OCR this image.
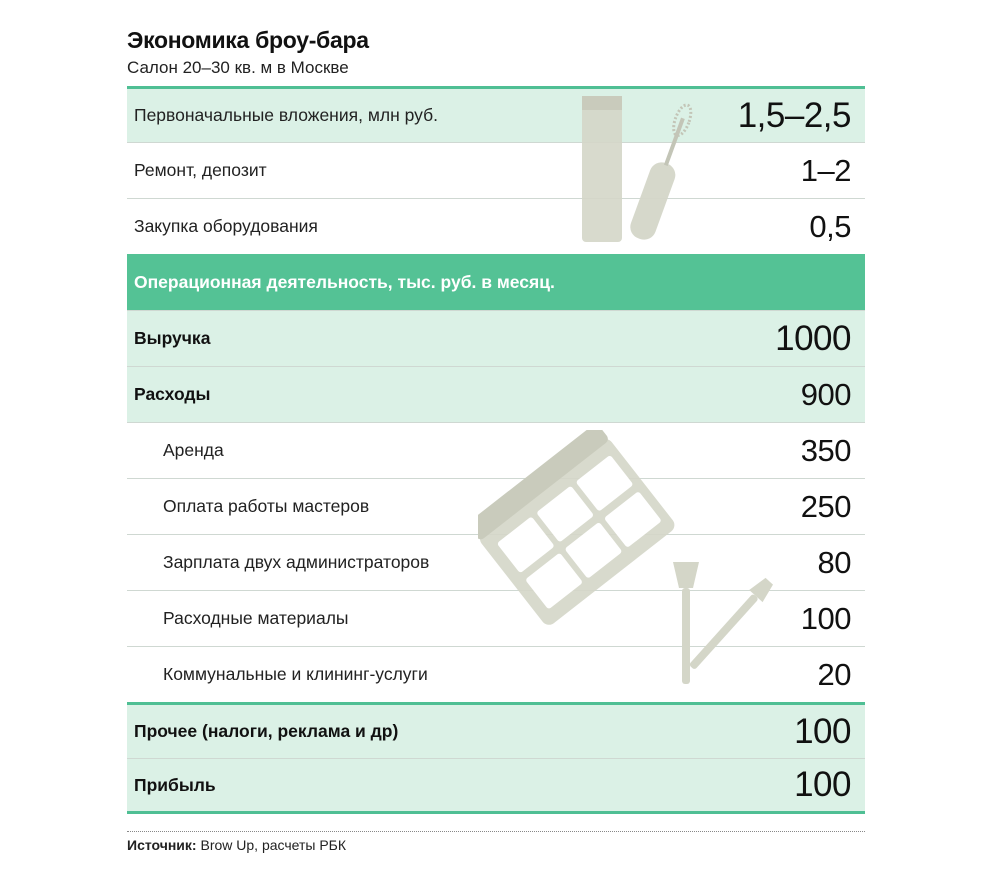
Экономика броу-бара
Салон 20–30 кв. м в Москве
Первоначальные вложения, млн руб.	1,5–2,5
Ремонт, депозит	1–2
Закупка оборудования	0,5
Операционная деятельность, тыс. руб. в месяц.
Выручка	1000
Расходы	900
Аренда	350
Оплата работы мастеров	250
Зарплата двух администраторов	80
Расходные материалы	100
Коммунальные и клининг-услуги	20
Прочее (налоги, реклама и др)	100
Прибыль	100
Источник: Brow Up, расчеты РБК
